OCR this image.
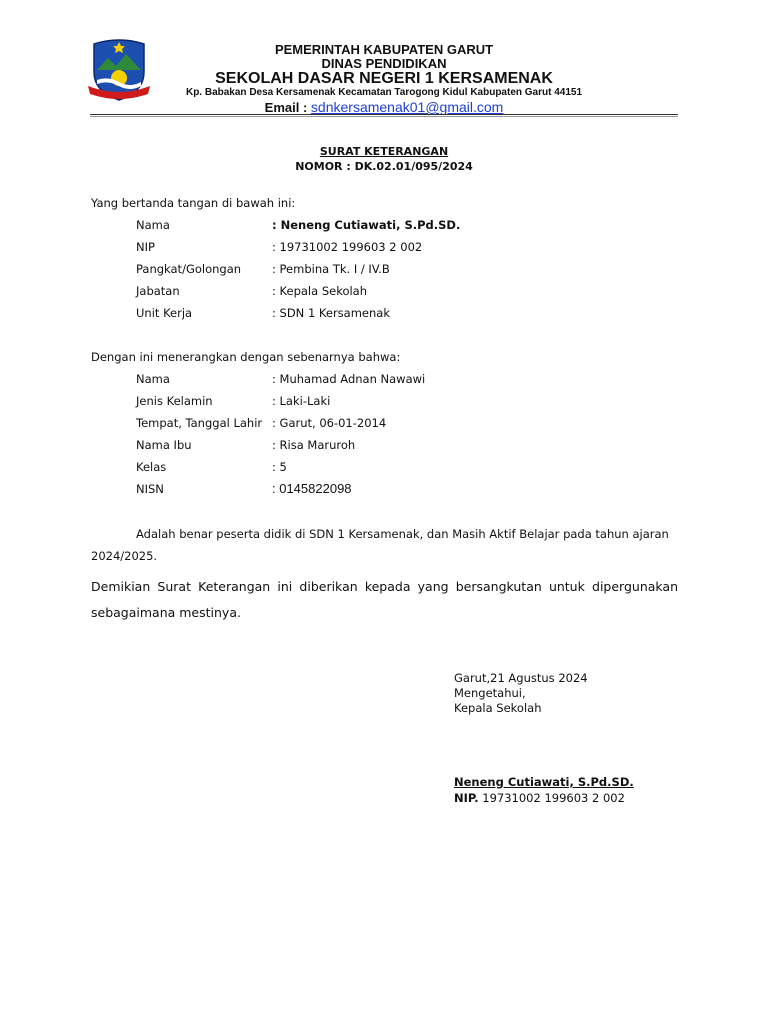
PEMERINTAH KABUPATEN GARUT
DINAS PENDIDIKAN
SEKOLAH DASAR NEGERI 1 KERSAMENAK
Kp. Babakan Desa Kersamenak Kecamatan Tarogong Kidul Kabupaten Garut 44151
Email : sdnkersamenak01@gmail.com
SURAT KETERANGAN
NOMOR : DK.02.01/095/2024
Yang bertanda tangan di bawah ini:
Nama	: Neneng Cutiawati, S.Pd.SD.
NIP	: 19731002 199603 2 002
Pangkat/Golongan	: Pembina Tk. I / IV.B
Jabatan	: Kepala Sekolah
Unit Kerja	: SDN 1 Kersamenak
Dengan ini menerangkan dengan sebenarnya bahwa:
Nama	: Muhamad Adnan Nawawi
Jenis Kelamin	: Laki-Laki
Tempat, Tanggal Lahir : Garut, 06-01-2014
Nama Ibu	: Risa Maruroh
Kelas	: 5
NISN	: 0145822098
Adalah benar peserta didik di SDN 1 Kersamenak, dan Masih Aktif Belajar pada tahun ajaran
2024/2025.
Demikian Surat Keterangan ini diberikan kepada yang bersangkutan untuk dipergunakan sebagaimana mestinya.
Garut,21 Agustus 2024
Mengetahui,
Kepala Sekolah
Neneng Cutiawati, S.Pd.SD.
NIP. 19731002 199603 2 002
